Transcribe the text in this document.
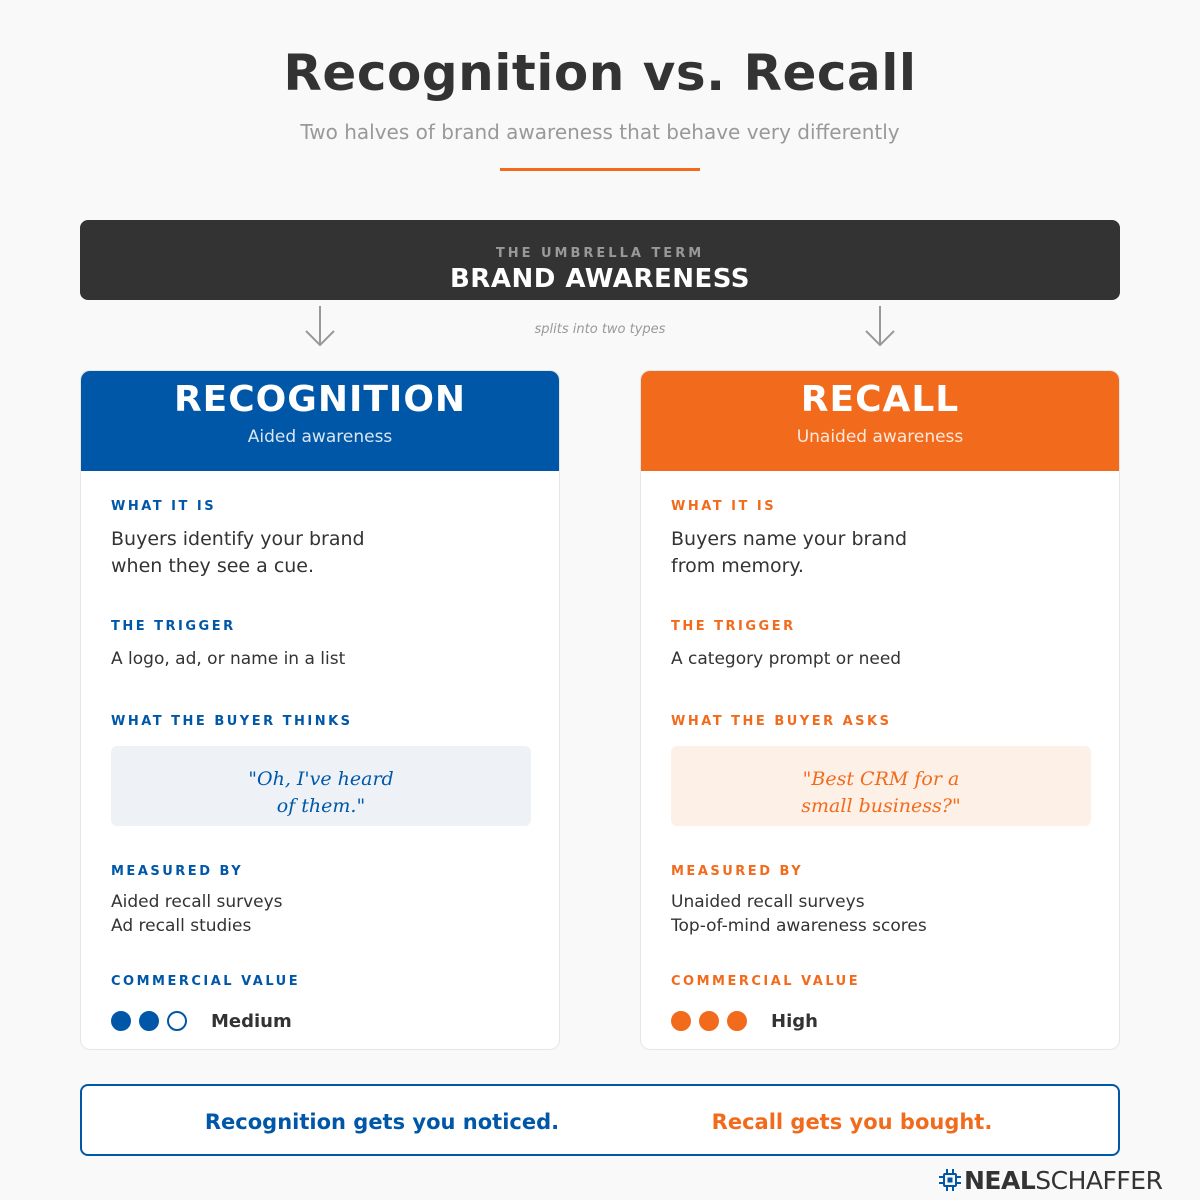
Recognition vs. Recall
Two halves of brand awareness that behave very differently
THE UMBRELLA TERM
BRAND AWARENESS
splits into two types
RECOGNITION
Aided awareness
WHAT IT IS
Buyers identify your brand
when they see a cue.
THE TRIGGER
A logo, ad, or name in a list
WHAT THE BUYER THINKS
"Oh, I've heard
of them."
MEASURED BY
Aided recall surveys
Ad recall studies
COMMERCIAL VALUE
Medium
RECALL
Unaided awareness
WHAT IT IS
Buyers name your brand
from memory.
THE TRIGGER
A category prompt or need
WHAT THE BUYER ASKS
"Best CRM for a
small business?"
MEASURED BY
Unaided recall surveys
Top-of-mind awareness scores
COMMERCIAL VALUE
High
Recognition gets you noticed.	Recall gets you bought.
NEALSCHAFFER
